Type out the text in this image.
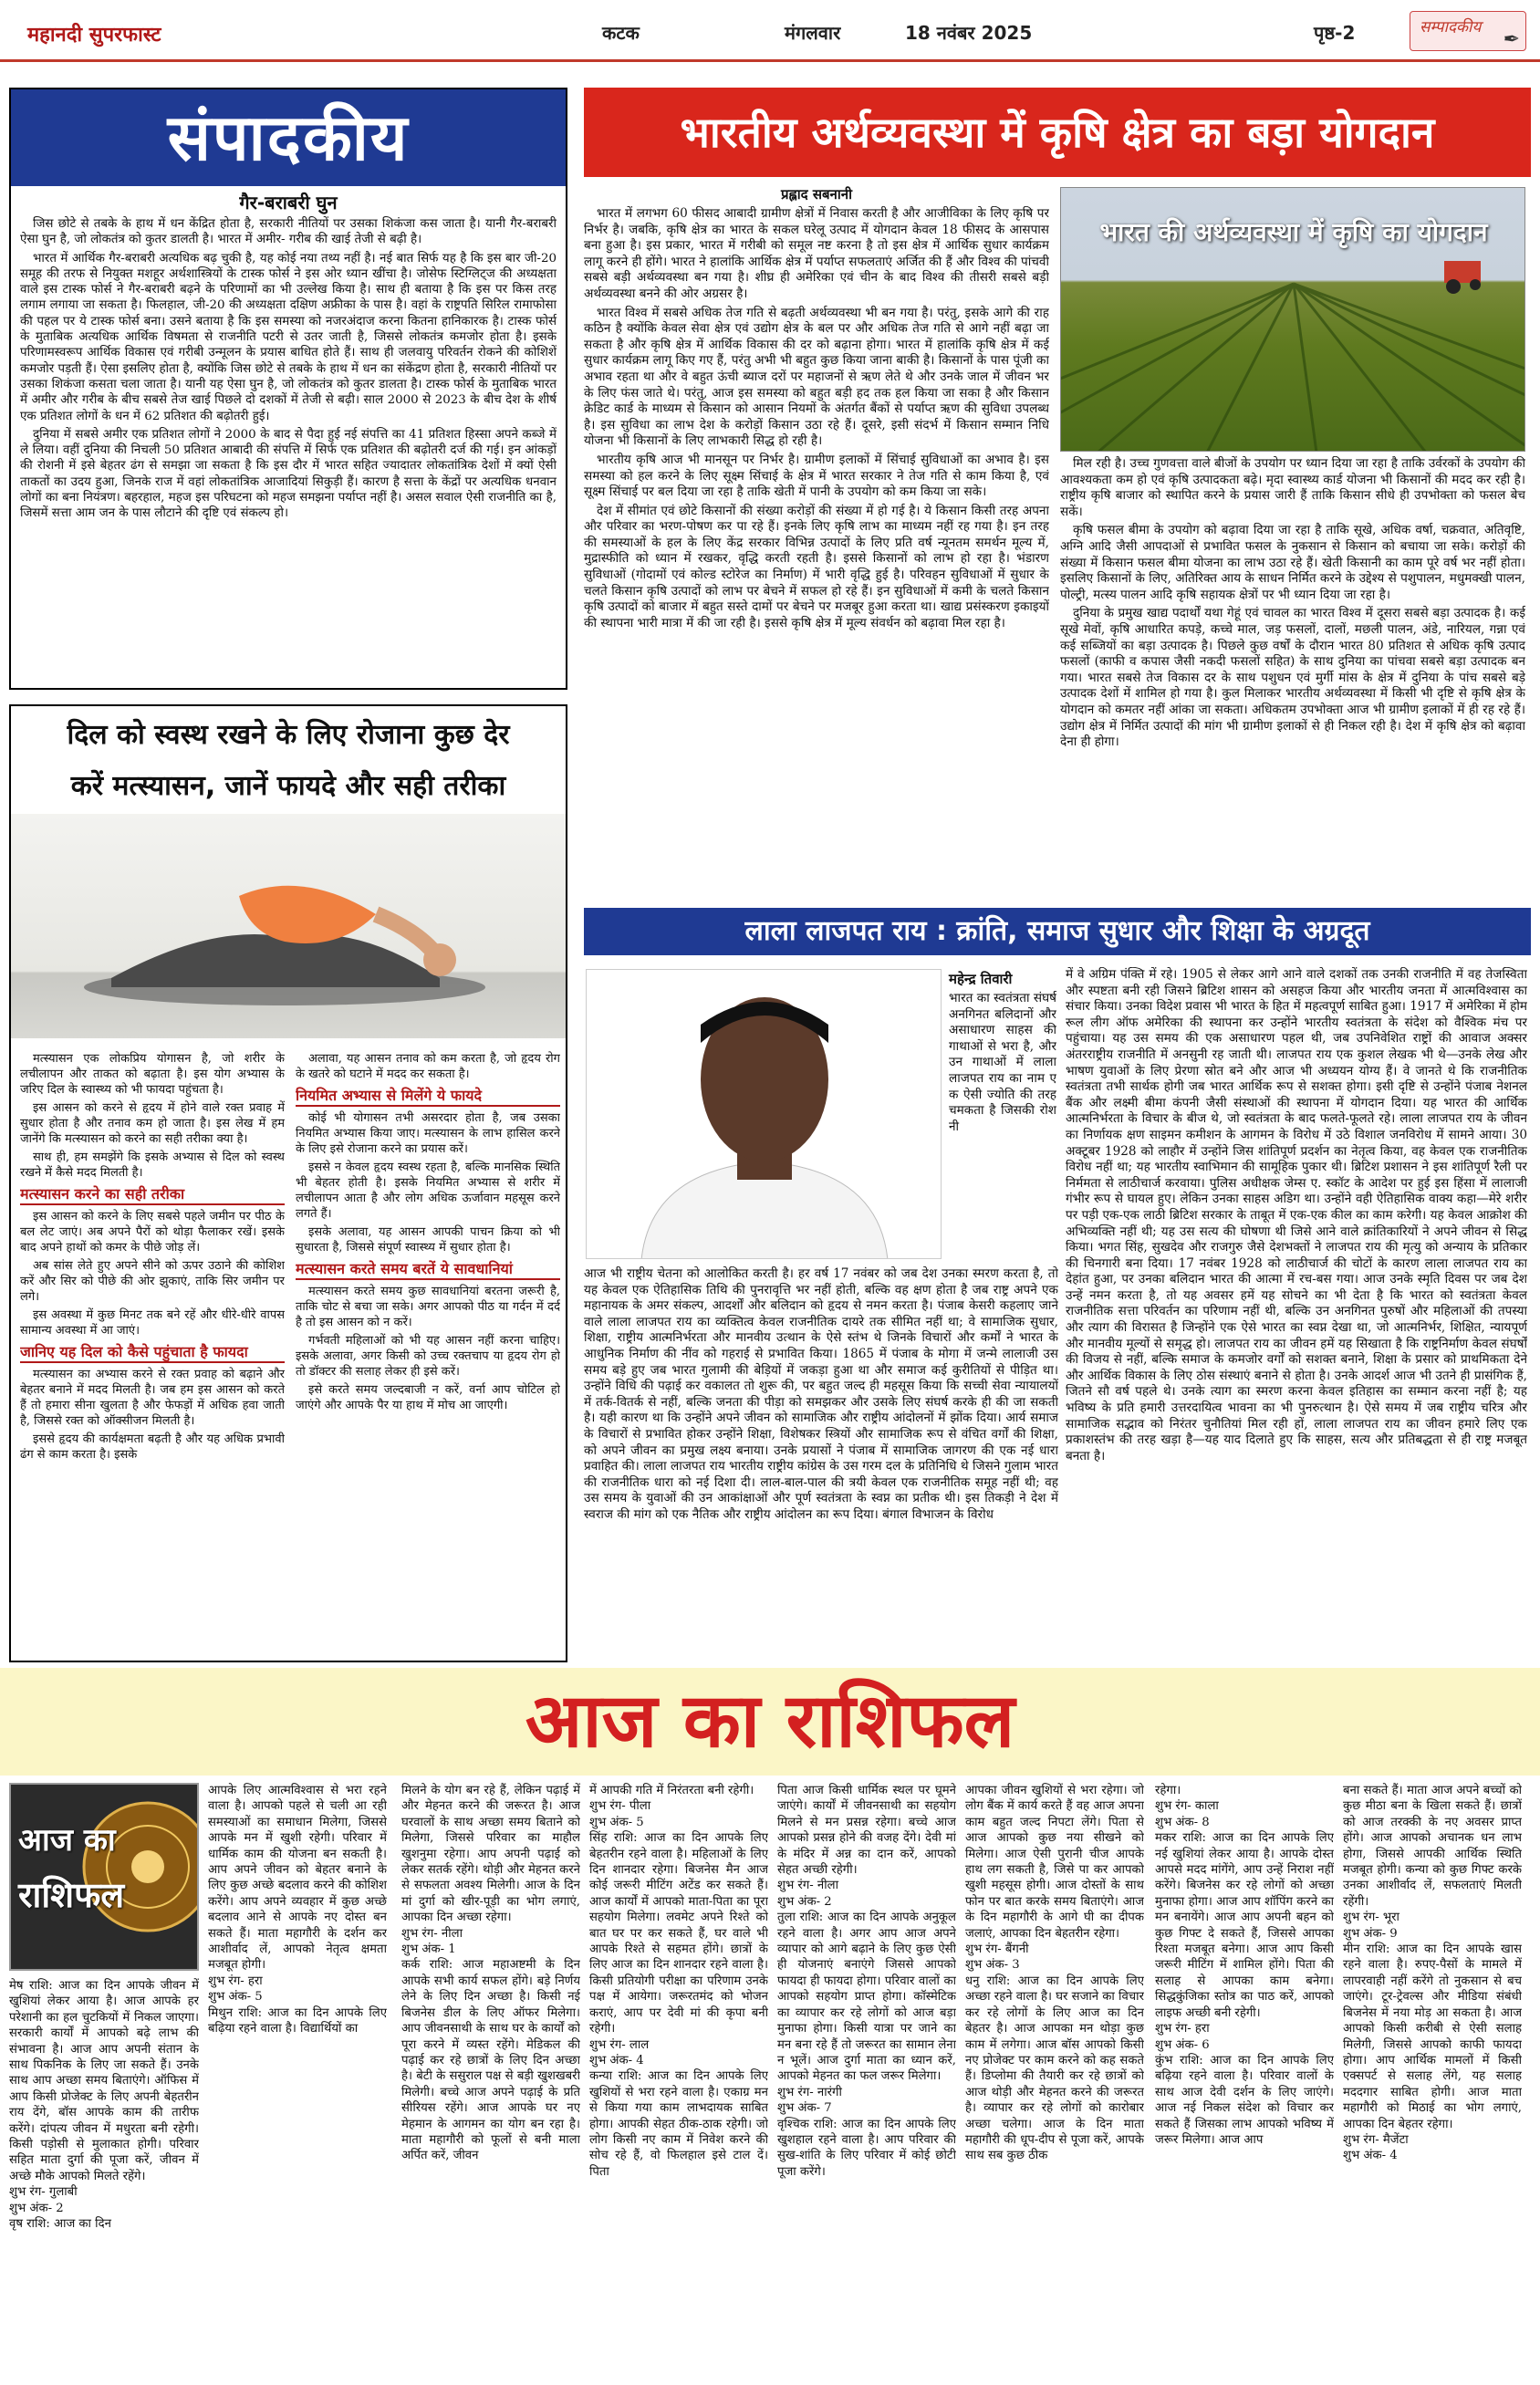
महानदी सुपरफास्ट	कटक	मंगलवार	18 नवंबर 2025	पृष्ठ-2	सम्पादकीय
✒
संपादकीय
गैर-बराबरी घुन

जिस छोटे से तबके के हाथ में धन केंद्रित होता है, सरकारी नीतियों पर उसका शिकंजा कस जाता है। यानी गैर-बराबरी ऐसा घुन है, जो लोकतंत्र को कुतर डालती है। भारत में अमीर- गरीब की खाई तेजी से बढ़ी है।

भारत में आर्थिक गैर-बराबरी अत्यधिक बढ़ चुकी है, यह कोई नया तथ्य नहीं है। नई बात सिर्फ यह है कि इस बार जी-20 समूह की तरफ से नियुक्त मशहूर अर्थशास्त्रियों के टास्क फोर्स ने इस ओर ध्यान खींचा है। जोसेफ स्टिग्लिट्ज की अध्यक्षता वाले इस टास्क फोर्स ने गैर-बराबरी बढ़ने के परिणामों का भी उल्लेख किया है। साथ ही बताया है कि इस पर किस तरह लगाम लगाया जा सकता है। फिलहाल, जी-20 की अध्यक्षता दक्षिण अफ्रीका के पास है। वहां के राष्ट्रपति सिरिल रामाफोसा की पहल पर ये टास्क फोर्स बना। उसने बताया है कि इस समस्या को नजरअंदाज करना कितना हानिकारक है। टास्क फोर्स के मुताबिक अत्यधिक आर्थिक विषमता से राजनीति पटरी से उतर जाती है, जिससे लोकतंत्र कमजोर होता है। इसके परिणामस्वरूप आर्थिक विकास एवं गरीबी उन्मूलन के प्रयास बाधित होते हैं। साथ ही जलवायु परिवर्तन रोकने की कोशिशें कमजोर पड़ती हैं। ऐसा इसलिए होता है, क्योंकि जिस छोटे से तबके के हाथ में धन का संकेंद्रण होता है, सरकारी नीतियों पर उसका शिकंजा कसता चला जाता है। यानी यह ऐसा घुन है, जो लोकतंत्र को कुतर डालता है। टास्क फोर्स के मुताबिक भारत में अमीर और गरीब के बीच सबसे तेज खाई पिछले दो दशकों में तेजी से बढ़ी। साल 2000 से 2023 के बीच देश के शीर्ष एक प्रतिशत लोगों के धन में 62 प्रतिशत की बढ़ोतरी हुई।

दुनिया में सबसे अमीर एक प्रतिशत लोगों ने 2000 के बाद से पैदा हुई नई संपत्ति का 41 प्रतिशत हिस्सा अपने कब्जे में ले लिया। वहीं दुनिया की निचली 50 प्रतिशत आबादी की संपत्ति में सिर्फ एक प्रतिशत की बढ़ोतरी दर्ज की गई। इन आंकड़ों की रोशनी में इसे बेहतर ढंग से समझा जा सकता है कि इस दौर में भारत सहित ज्यादातर लोकतांत्रिक देशों में क्यों ऐसी ताकतों का उदय हुआ, जिनके राज में वहां लोकतांत्रिक आजादियां सिकुड़ी हैं। कारण है सत्ता के केंद्रों पर अत्यधिक धनवान लोगों का बना नियंत्रण। बहरहाल, महज इस परिघटना को महज समझना पर्याप्त नहीं है। असल सवाल ऐसी राजनीति का है, जिसमें सत्ता आम जन के पास लौटाने की दृष्टि एवं संकल्प हो।

भारतीय अर्थव्यवस्था में कृषि क्षेत्र का बड़ा योगदान
प्रह्लाद सबनानी

भारत में लगभग 60 फीसद आबादी ग्रामीण क्षेत्रों में निवास करती है और आजीविका के लिए कृषि पर निर्भर है। जबकि, कृषि क्षेत्र का भारत के सकल घरेलू उत्पाद में योगदान केवल 18 फीसद के आसपास बना हुआ है। इस प्रकार, भारत में गरीबी को समूल नष्ट करना है तो इस क्षेत्र में आर्थिक सुधार कार्यक्रम लागू करने ही होंगे। भारत ने हालांकि आर्थिक क्षेत्र में पर्याप्त सफलताएं अर्जित की हैं और विश्व की पांचवी सबसे बड़ी अर्थव्यवस्था बन गया है। शीघ्र ही अमेरिका एवं चीन के बाद विश्व की तीसरी सबसे बड़ी अर्थव्यवस्था बनने की ओर अग्रसर है।

भारत विश्व में सबसे अधिक तेज गति से बढ़ती अर्थव्यवस्था भी बन गया है। परंतु, इसके आगे की राह कठिन है क्योंकि केवल सेवा क्षेत्र एवं उद्योग क्षेत्र के बल पर और अधिक तेज गति से आगे नहीं बढ़ा जा सकता है और कृषि क्षेत्र में आर्थिक विकास की दर को बढ़ाना होगा। भारत में हालांकि कृषि क्षेत्र में कई सुधार कार्यक्रम लागू किए गए हैं, परंतु अभी भी बहुत कुछ किया जाना बाकी है। किसानों के पास पूंजी का अभाव रहता था और वे बहुत ऊंची ब्याज दरों पर महाजनों से ऋण लेते थे और उनके जाल में जीवन भर के लिए फंस जाते थे। परंतु, आज इस समस्या को बहुत बड़ी हद तक हल किया जा सका है और किसान क्रेडिट कार्ड के माध्यम से किसान को आसान नियमों के अंतर्गत बैंकों से पर्याप्त ऋण की सुविधा उपलब्ध है। इस सुविधा का लाभ देश के करोड़ों किसान उठा रहे हैं। दूसरे, इसी संदर्भ में किसान सम्मान निधि योजना भी किसानों के लिए लाभकारी सिद्ध हो रही है।

भारतीय कृषि आज भी मानसून पर निर्भर है। ग्रामीण इलाकों में सिंचाई सुविधाओं का अभाव है। इस समस्या को हल करने के लिए सूक्ष्म सिंचाई के क्षेत्र में भारत सरकार ने तेज गति से काम किया है, एवं सूक्ष्म सिंचाई पर बल दिया जा रहा है ताकि खेती में पानी के उपयोग को कम किया जा सके।

देश में सीमांत एवं छोटे किसानों की संख्या करोड़ों की संख्या में हो गई है। ये किसान किसी तरह अपना और परिवार का भरण-पोषण कर पा रहे हैं। इनके लिए कृषि लाभ का माध्यम नहीं रह गया है। इन तरह की समस्याओं के हल के लिए केंद्र सरकार विभिन्न उत्पादों के लिए प्रति वर्ष न्यूनतम समर्थन मूल्य में, मुद्रास्फीति को ध्यान में रखकर, वृद्धि करती रहती है। इससे किसानों को लाभ हो रहा है। भंडारण सुविधाओं (गोदामों एवं कोल्ड स्टोरेज का निर्माण) में भारी वृद्धि हुई है। परिवहन सुविधाओं में सुधार के चलते किसान कृषि उत्पादों को लाभ पर बेचने में सफल हो रहे हैं। इन सुविधाओं में कमी के चलते किसान कृषि उत्पादों को बाजार में बहुत सस्ते दामों पर बेचने पर मजबूर हुआ करता था। खाद्य प्रसंस्करण इकाइयों की स्थापना भारी मात्रा में की जा रही है। इससे कृषि क्षेत्र में मूल्य संवर्धन को बढ़ावा मिल रहा है।

भारत की अर्थव्यवस्था में कृषि का योगदान

मिल रही है। उच्च गुणवत्ता वाले बीजों के उपयोग पर ध्यान दिया जा रहा है ताकि उर्वरकों के उपयोग की आवश्यकता कम हो एवं कृषि उत्पादकता बढ़े। मृदा स्वास्थ्य कार्ड योजना भी किसानों की मदद कर रही है। राष्ट्रीय कृषि बाजार को स्थापित करने के प्रयास जारी हैं ताकि किसान सीधे ही उपभोक्ता को फसल बेच सकें।

कृषि फसल बीमा के उपयोग को बढ़ावा दिया जा रहा है ताकि सूखे, अधिक वर्षा, चक्रवात, अतिवृष्टि, अग्नि आदि जैसी आपदाओं से प्रभावित फसल के नुकसान से किसान को बचाया जा सके। करोड़ों की संख्या में किसान फसल बीमा योजना का लाभ उठा रहे हैं। खेती किसानी का काम पूरे वर्ष भर नहीं होता। इसलिए किसानों के लिए, अतिरिक्त आय के साधन निर्मित करने के उद्देश्य से पशुपालन, मधुमक्खी पालन, पोल्ट्री, मत्स्य पालन आदि कृषि सहायक क्षेत्रों पर भी ध्यान दिया जा रहा है।

दुनिया के प्रमुख खाद्य पदार्थों यथा गेहूं एवं चावल का भारत विश्व में दूसरा सबसे बड़ा उत्पादक है। कई सूखे मेवों, कृषि आधारित कपड़े, कच्चे माल, जड़ फसलों, दालों, मछली पालन, अंडे, नारियल, गन्ना एवं कई सब्जियों का बड़ा उत्पादक है। पिछले कुछ वर्षों के दौरान भारत 80 प्रतिशत से अधिक कृषि उत्पाद फसलों (काफी व कपास जैसी नकदी फसलों सहित) के साथ दुनिया का पांचवा सबसे बड़ा उत्पादक बन गया। भारत सबसे तेज विकास दर के साथ पशुधन एवं मुर्गी मांस के क्षेत्र में दुनिया के पांच सबसे बड़े उत्पादक देशों में शामिल हो गया है। कुल मिलाकर भारतीय अर्थव्यवस्था में किसी भी दृष्टि से कृषि क्षेत्र के योगदान को कमतर नहीं आंका जा सकता। अधिकतम उपभोक्ता आज भी ग्रामीण इलाकों में ही रह रहे हैं। उद्योग क्षेत्र में निर्मित उत्पादों की मांग भी ग्रामीण इलाकों से ही निकल रही है। देश में कृषि क्षेत्र को बढ़ावा देना ही होगा।

दिल को स्वस्थ रखने के लिए रोजाना कुछ देर
करें मत्स्यासन, जानें फायदे और सही तरीका

मत्स्यासन एक लोकप्रिय योगासन है, जो शरीर के लचीलापन और ताकत को बढ़ाता है। इस योग अभ्यास के जरिए दिल के स्वास्थ्य को भी फायदा पहुंचता है।

इस आसन को करने से हृदय में होने वाले रक्त प्रवाह में सुधार होता है और तनाव कम हो जाता है। इस लेख में हम जानेंगे कि मत्स्यासन को करने का सही तरीका क्या है।

साथ ही, हम समझेंगे कि इसके अभ्यास से दिल को स्वस्थ रखने में कैसे मदद मिलती है।

मत्स्यासन करने का सही तरीका

इस आसन को करने के लिए सबसे पहले जमीन पर पीठ के बल लेट जाएं। अब अपने पैरों को थोड़ा फैलाकर रखें। इसके बाद अपने हाथों को कमर के पीछे जोड़ लें।

अब सांस लेते हुए अपने सीने को ऊपर उठाने की कोशिश करें और सिर को पीछे की ओर झुकाएं, ताकि सिर जमीन पर लगे।

इस अवस्था में कुछ मिनट तक बने रहें और धीरे-धीरे वापस सामान्य अवस्था में आ जाएं।

जानिए यह दिल को कैसे पहुंचाता है फायदा

मत्स्यासन का अभ्यास करने से रक्त प्रवाह को बढ़ाने और बेहतर बनाने में मदद मिलती है। जब हम इस आसन को करते हैं तो हमारा सीना खुलता है और फेफड़ों में अधिक हवा जाती है, जिससे रक्त को ऑक्सीजन मिलती है।

इससे हृदय की कार्यक्षमता बढ़ती है और यह अधिक प्रभावी ढंग से काम करता है। इसके

अलावा, यह आसन तनाव को कम करता है, जो हृदय रोग के खतरे को घटाने में मदद कर सकता है।

नियमित अभ्यास से मिलेंगे ये फायदे

कोई भी योगासन तभी असरदार होता है, जब उसका नियमित अभ्यास किया जाए। मत्स्यासन के लाभ हासिल करने के लिए इसे रोजाना करने का प्रयास करें।

इससे न केवल हृदय स्वस्थ रहता है, बल्कि मानसिक स्थिति भी बेहतर होती है। इसके नियमित अभ्यास से शरीर में लचीलापन आता है और लोग अधिक ऊर्जावान महसूस करने लगते हैं।

इसके अलावा, यह आसन आपकी पाचन क्रिया को भी सुधारता है, जिससे संपूर्ण स्वास्थ्य में सुधार होता है।

मत्स्यासन करते समय बरतें ये सावधानियां

मत्स्यासन करते समय कुछ सावधानियां बरतना जरूरी है, ताकि चोट से बचा जा सके। अगर आपको पीठ या गर्दन में दर्द है तो इस आसन को न करें।

गर्भवती महिलाओं को भी यह आसन नहीं करना चाहिए। इसके अलावा, अगर किसी को उच्च रक्तचाप या हृदय रोग हो तो डॉक्टर की सलाह लेकर ही इसे करें।

इसे करते समय जल्दबाजी न करें, वर्ना आप चोटिल हो जाएंगे और आपके पैर या हाथ में मोच आ जाएगी।

लाला लाजपत राय : क्रांति, समाज सुधार और शिक्षा के अग्रदूत
महेन्द्र तिवारी
भारत का स्वतंत्रता संघर्ष अनगिनत बलिदानों और असाधारण साहस की गाथाओं से भरा है, और उन गाथाओं में लाला लाजपत राय का नाम एक ऐसी ज्योति की तरह चमकता है जिसकी रोशनी
आज भी राष्ट्रीय चेतना को आलोकित करती है। हर वर्ष 17 नवंबर को जब देश उनका स्मरण करता है, तो यह केवल एक ऐतिहासिक तिथि की पुनरावृत्ति भर नहीं होती, बल्कि वह क्षण होता है जब राष्ट्र अपने एक महानायक के अमर संकल्प, आदर्शों और बलिदान को हृदय से नमन करता है। पंजाब केसरी कहलाए जाने वाले लाला लाजपत राय का व्यक्तित्व केवल राजनीतिक दायरे तक सीमित नहीं था; वे सामाजिक सुधार, शिक्षा, राष्ट्रीय आत्मनिर्भरता और मानवीय उत्थान के ऐसे स्तंभ थे जिनके विचारों और कर्मों ने भारत के आधुनिक निर्माण की नींव को गहराई से प्रभावित किया। 1865 में पंजाब के मोगा में जन्मे लालाजी उस समय बड़े हुए जब भारत गुलामी की बेड़ियों में जकड़ा हुआ था और समाज कई कुरीतियों से पीड़ित था। उन्होंने विधि की पढ़ाई कर वकालत तो शुरू की, पर बहुत जल्द ही महसूस किया कि सच्ची सेवा न्यायालयों में तर्क-वितर्क से नहीं, बल्कि जनता की पीड़ा को समझकर और उसके लिए संघर्ष करके ही की जा सकती है। यही कारण था कि उन्होंने अपने जीवन को सामाजिक और राष्ट्रीय आंदोलनों में झोंक दिया। आर्य समाज के विचारों से प्रभावित होकर उन्होंने शिक्षा, विशेषकर स्त्रियों और सामाजिक रूप से वंचित वर्गों की शिक्षा, को अपने जीवन का प्रमुख लक्ष्य बनाया। उनके प्रयासों ने पंजाब में सामाजिक जागरण की एक नई धारा प्रवाहित की। लाला लाजपत राय भारतीय राष्ट्रीय कांग्रेस के उस गरम दल के प्रतिनिधि थे जिसने गुलाम भारत की राजनीतिक धारा को नई दिशा दी। लाल-बाल-पाल की त्रयी केवल एक राजनीतिक समूह नहीं थी; वह उस समय के युवाओं की उन आकांक्षाओं और पूर्ण स्वतंत्रता के स्वप्न का प्रतीक थी। इस तिकड़ी ने देश में स्वराज की मांग को एक नैतिक और राष्ट्रीय आंदोलन का रूप दिया। बंगाल विभाजन के विरोध
में वे अग्रिम पंक्ति में रहे। 1905 से लेकर आगे आने वाले दशकों तक उनकी राजनीति में वह तेजस्विता और स्पष्टता बनी रही जिसने ब्रिटिश शासन को असहज किया और भारतीय जनता में आत्मविश्वास का संचार किया। उनका विदेश प्रवास भी भारत के हित में महत्वपूर्ण साबित हुआ। 1917 में अमेरिका में होम रूल लीग ऑफ अमेरिका की स्थापना कर उन्होंने भारतीय स्वतंत्रता के संदेश को वैश्विक मंच पर पहुंचाया। यह उस समय की एक असाधारण पहल थी, जब उपनिवेशित राष्ट्रों की आवाज अक्सर अंतरराष्ट्रीय राजनीति में अनसुनी रह जाती थी। लाजपत राय एक कुशल लेखक भी थे—उनके लेख और भाषण युवाओं के लिए प्रेरणा स्रोत बने और आज भी अध्ययन योग्य हैं। वे जानते थे कि राजनीतिक स्वतंत्रता तभी सार्थक होगी जब भारत आर्थिक रूप से सशक्त होगा। इसी दृष्टि से उन्होंने पंजाब नेशनल बैंक और लक्ष्मी बीमा कंपनी जैसी संस्थाओं की स्थापना में योगदान दिया। यह भारत की आर्थिक आत्मनिर्भरता के विचार के बीज थे, जो स्वतंत्रता के बाद फलते-फूलते रहे। लाला लाजपत राय के जीवन का निर्णायक क्षण साइमन कमीशन के आगमन के विरोध में उठे विशाल जनविरोध में सामने आया। 30 अक्टूबर 1928 को लाहौर में उन्होंने जिस शांतिपूर्ण प्रदर्शन का नेतृत्व किया, वह केवल एक राजनीतिक विरोध नहीं था; यह भारतीय स्वाभिमान की सामूहिक पुकार थी। ब्रिटिश प्रशासन ने इस शांतिपूर्ण रैली पर निर्ममता से लाठीचार्ज करवाया। पुलिस अधीक्षक जेम्स ए. स्कॉट के आदेश पर हुई इस हिंसा में लालाजी गंभीर रूप से घायल हुए। लेकिन उनका साहस अडिग था। उन्होंने वही ऐतिहासिक वाक्य कहा—मेरे शरीर पर पड़ी एक-एक लाठी ब्रिटिश सरकार के ताबूत में एक-एक कील का काम करेगी। यह केवल आक्रोश की अभिव्यक्ति नहीं थी; यह उस सत्य की घोषणा थी जिसे आने वाले क्रांतिकारियों ने अपने जीवन से सिद्ध किया। भगत सिंह, सुखदेव और राजगुरु जैसे देशभक्तों ने लाजपत राय की मृत्यु को अन्याय के प्रतिकार की चिनगारी बना दिया। 17 नवंबर 1928 को लाठीचार्ज की चोटों के कारण लाला लाजपत राय का देहांत हुआ, पर उनका बलिदान भारत की आत्मा में रच-बस गया। आज उनके स्मृति दिवस पर जब देश उन्हें नमन करता है, तो यह अवसर हमें यह सोचने का भी देता है कि भारत को स्वतंत्रता केवल राजनीतिक सत्ता परिवर्तन का परिणाम नहीं थी, बल्कि उन अनगिनत पुरुषों और महिलाओं की तपस्या और त्याग की विरासत है जिन्होंने एक ऐसे भारत का स्वप्न देखा था, जो आत्मनिर्भर, शिक्षित, न्यायपूर्ण और मानवीय मूल्यों से समृद्ध हो। लाजपत राय का जीवन हमें यह सिखाता है कि राष्ट्रनिर्माण केवल संघर्षों की विजय से नहीं, बल्कि समाज के कमजोर वर्गों को सशक्त बनाने, शिक्षा के प्रसार को प्राथमिकता देने और आर्थिक विकास के लिए ठोस संस्थाएं बनाने से होता है। उनके आदर्श आज भी उतने ही प्रासंगिक हैं, जितने सौ वर्ष पहले थे। उनके त्याग का स्मरण करना केवल इतिहास का सम्मान करना नहीं है; यह भविष्य के प्रति हमारी उत्तरदायित्व भावना का भी पुनरुत्थान है। ऐसे समय में जब राष्ट्रीय चरित्र और सामाजिक सद्भाव को निरंतर चुनौतियां मिल रही हों, लाला लाजपत राय का जीवन हमारे लिए एक प्रकाशस्तंभ की तरह खड़ा है—यह याद दिलाते हुए कि साहस, सत्य और प्रतिबद्धता से ही राष्ट्र मजबूत बनता है।
आज का राशिफल
आज का
राशिफल
मेष राशि: आज का दिन आपके जीवन में खुशियां लेकर आया है। आज आपके हर परेशानी का हल चुटकियों में निकल जाएगा। सरकारी कार्यों में आपको बढ़े लाभ की संभावना है। आज आप अपनी संतान के साथ पिकनिक के लिए जा सकते हैं। उनके साथ आप अच्छा समय बिताएंगे। ऑफिस में आप किसी प्रोजेक्ट के लिए अपनी बेहतरीन राय देंगे, बॉस आपके काम की तारीफ करेंगे। दांपत्य जीवन में मधुरता बनी रहेगी। किसी पड़ोसी से मुलाकात होगी। परिवार सहित माता दुर्गा की पूजा करें, जीवन में अच्छे मौके आपको मिलते रहेंगे।
शुभ रंग- गुलाबी
शुभ अंक- 2
वृष राशि: आज का दिन
आपके लिए आत्मविश्वास से भरा रहने वाला है। आपको पहले से चली आ रही समस्याओं का समाधान मिलेगा, जिससे आपके मन में खुशी रहेगी। परिवार में धार्मिक काम की योजना बन सकती है। आप अपने जीवन को बेहतर बनाने के लिए कुछ अच्छे बदलाव करने की कोशिश करेंगे। आप अपने व्यवहार में कुछ अच्छे बदलाव आने से आपके नए दोस्त बन सकते हैं। माता महागौरी के दर्शन कर आशीर्वाद लें, आपको नेतृत्व क्षमता मजबूत होगी।
शुभ रंग- हरा
शुभ अंक- 5
मिथुन राशि: आज का दिन आपके लिए बढ़िया रहने वाला है। विद्यार्थियों का
मिलने के योग बन रहे हैं, लेकिन पढ़ाई में और मेहनत करने की जरूरत है। आज घरवालों के साथ अच्छा समय बिताने को मिलेगा, जिससे परिवार का माहौल खुशनुमा रहेगा। आप अपनी पढ़ाई को लेकर सतर्क रहेंगे। थोड़ी और मेहनत करने से सफलता अवश्य मिलेगी। आज के दिन मां दुर्गा को खीर-पूड़ी का भोग लगाएं, आपका दिन अच्छा रहेगा।
शुभ रंग- नीला
शुभ अंक- 1
कर्क राशि: आज महाअष्टमी के दिन आपके सभी कार्य सफल होंगे। बड़े निर्णय लेने के लिए दिन अच्छा है। किसी नई बिजनेस डील के लिए ऑफर मिलेगा। आप जीवनसाथी के साथ घर के कार्यों को पूरा करने में व्यस्त रहेंगे। मेडिकल की पढ़ाई कर रहे छात्रों के लिए दिन अच्छा है। बेटी के ससुराल पक्ष से बड़ी खुशखबरी मिलेगी। बच्चे आज अपने पढ़ाई के प्रति सीरियस रहेंगे। आज आपके घर नए मेहमान के आगमन का योग बन रहा है। माता महागौरी को फूलों से बनी माला अर्पित करें, जीवन
में आपकी गति में निरंतरता बनी रहेगी।
शुभ रंग- पीला
शुभ अंक- 5
सिंह राशि: आज का दिन आपके लिए बेहतरीन रहने वाला है। महिलाओं के लिए दिन शानदार रहेगा। बिजनेस मैन आज कोई जरूरी मीटिंग अटेंड कर सकते हैं। आज कार्यों में आपको माता-पिता का पूरा सहयोग मिलेगा। लवमेट अपने रिश्ते को बात घर पर कर सकते हैं, घर वाले भी आपके रिश्ते से सहमत होंगे। छात्रों के लिए आज का दिन शानदार रहने वाला है। किसी प्रतियोगी परीक्षा का परिणाम उनके पक्ष में आयेगा। जरूरतमंद को भोजन कराएं, आप पर देवी मां की कृपा बनी रहेगी।
शुभ रंग- लाल
शुभ अंक- 4
कन्या राशि: आज का दिन आपके लिए खुशियों से भरा रहने वाला है। एकाग्र मन से किया गया काम लाभदायक साबित होगा। आपकी सेहत ठीक-ठाक रहेगी। जो लोग किसी नए काम में निवेश करने की सोच रहे हैं, वो फिलहाल इसे टाल दें। पिता
पिता आज किसी धार्मिक स्थल पर घूमने जाएंगे। कार्यों में जीवनसाथी का सहयोग मिलने से मन प्रसन्न रहेगा। बच्चे आज आपको प्रसन्न होने की वजह देंगे। देवी मां के मंदिर में अन्न का दान करें, आपको सेहत अच्छी रहेगी।
शुभ रंग- नीला
शुभ अंक- 2
तुला राशि: आज का दिन आपके अनुकूल रहने वाला है। अगर आप आज अपने व्यापार को आगे बढ़ाने के लिए कुछ ऐसी ही योजनाएं बनाएंगे जिससे आपको फायदा ही फायदा होगा। परिवार वालों का आपको सहयोग प्राप्त होगा। कॉस्मेटिक का व्यापार कर रहे लोगों को आज बड़ा मुनाफा होगा। किसी यात्रा पर जाने का मन बना रहे हैं तो जरूरत का सामान लेना न भूलें। आज दुर्गा माता का ध्यान करें, आपको मेहनत का फल जरूर मिलेगा।
शुभ रंग- नारंगी
शुभ अंक- 7
वृश्चिक राशि: आज का दिन आपके लिए खुशहाल रहने वाला है। आप परिवार की सुख-शांति के लिए परिवार में कोई छोटी पूजा करेंगे।
आपका जीवन खुशियों से भरा रहेगा। जो लोग बैंक में कार्य करते हैं वह आज अपना काम बहुत जल्द निपटा लेंगे। पिता से आज आपको कुछ नया सीखने को मिलेगा। आज ऐसी पुरानी चीज आपके हाथ लग सकती है, जिसे पा कर आपको खुशी महसूस होगी। आज दोस्तों के साथ फोन पर बात करके समय बिताएंगे। आज के दिन महागौरी के आगे घी का दीपक जलाएं, आपका दिन बेहतरीन रहेगा।
शुभ रंग- बैंगनी
शुभ अंक- 3
धनु राशि: आज का दिन आपके लिए अच्छा रहने वाला है। घर सजाने का विचार कर रहे लोगों के लिए आज का दिन बेहतर है। आज आपका मन थोड़ा कुछ काम में लगेगा। आज बॉस आपको किसी नए प्रोजेक्ट पर काम करने को कह सकते हैं। डिप्लोमा की तैयारी कर रहे छात्रों को आज थोड़ी और मेहनत करने की जरूरत है। व्यापार कर रहे लोगों को कारोबार अच्छा चलेगा। आज के दिन माता महागौरी की धूप-दीप से पूजा करें, आपके साथ सब कुछ ठीक
रहेगा।
शुभ रंग- काला
शुभ अंक- 8
मकर राशि: आज का दिन आपके लिए नई खुशियां लेकर आया है। आपके दोस्त आपसे मदद मांगेंगे, आप उन्हें निराश नहीं करेंगे। बिजनेस कर रहे लोगों को अच्छा मुनाफा होगा। आज आप शॉपिंग करने का मन बनायेंगे। आज आप अपनी बहन को कुछ गिफ्ट दे सकते हैं, जिससे आपका रिश्ता मजबूत बनेगा। आज आप किसी जरूरी मीटिंग में शामिल होंगे। पिता की सलाह से आपका काम बनेगा। सिद्धकुंजिका स्तोत्र का पाठ करें, आपको लाइफ अच्छी बनी रहेगी।
शुभ रंग- हरा
शुभ अंक- 6
कुंभ राशि: आज का दिन आपके लिए बढ़िया रहने वाला है। परिवार वालों के साथ आज देवी दर्शन के लिए जाएंगे। आज नई निकल संदेश को विचार कर सकते हैं जिसका लाभ आपको भविष्य में जरूर मिलेगा। आज आप
बना सकते हैं। माता आज अपने बच्चों को कुछ मीठा बना के खिला सकते हैं। छात्रों को आज तरक्की के नए अवसर प्राप्त होंगे। आज आपको अचानक धन लाभ होगा, जिससे आपकी आर्थिक स्थिति मजबूत होगी। कन्या को कुछ गिफ्ट करके उनका आशीर्वाद लें, सफलताएं मिलती रहेंगी।
शुभ रंग- भूरा
शुभ अंक- 9
मीन राशि: आज का दिन आपके खास रहने वाला है। रुपए-पैसों के मामले में लापरवाही नहीं करेंगे तो नुकसान से बच जाएंगे। टूर-ट्रेवल्स और मीडिया संबंधी बिजनेस में नया मोड़ आ सकता है। आज आपको किसी करीबी से ऐसी सलाह मिलेगी, जिससे आपको काफी फायदा होगा। आप आर्थिक मामलों में किसी एक्सपर्ट से सलाह लेंगे, यह सलाह मददगार साबित होगी। आज माता महागौरी को मिठाई का भोग लगाएं, आपका दिन बेहतर रहेगा।
शुभ रंग- मैजेंटा
शुभ अंक- 4
